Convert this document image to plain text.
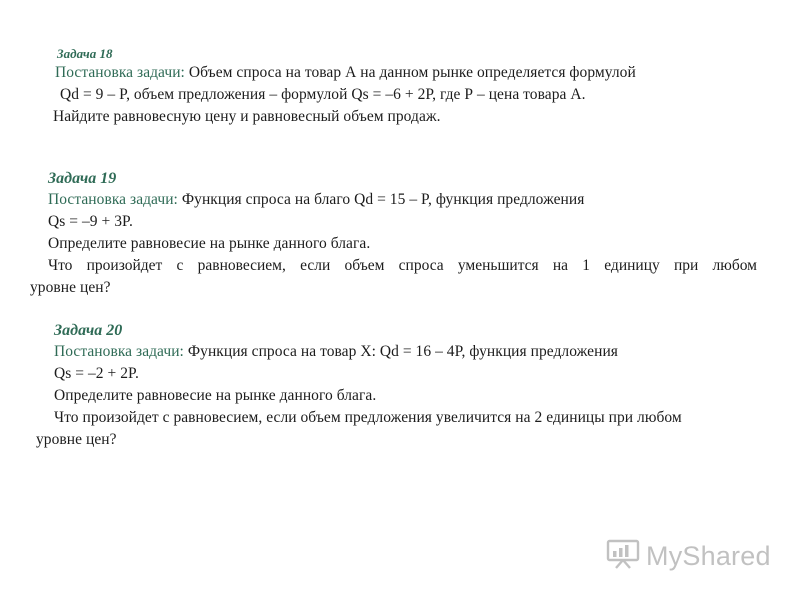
Задача 18
Постановка задачи: Объем спроса на товар А на данном рынке определяется формулой
Qd = 9 – P, объем предложения – формулой Qs = –6 + 2Р, где Р – цена товара А.
Найдите равновесную цену и равновесный объем продаж.
Задача 19
Постановка задачи: Функция спроса на благо Qd = 15 – P, функция предложения
Qs = –9 + 3P.
Определите равновесие на рынке данного блага.
Что произойдет с равновесием, если объем спроса уменьшится на 1 единицу при любом
уровне цен?
Задача 20
Постановка задачи: Функция спроса на товар Х: Qd = 16 – 4P, функция предложения
Qs = –2 + 2P.
Определите равновесие на рынке данного блага.
Что произойдет с равновесием, если объем предложения увеличится на 2 единицы при любом
уровне цен?
MyShared
